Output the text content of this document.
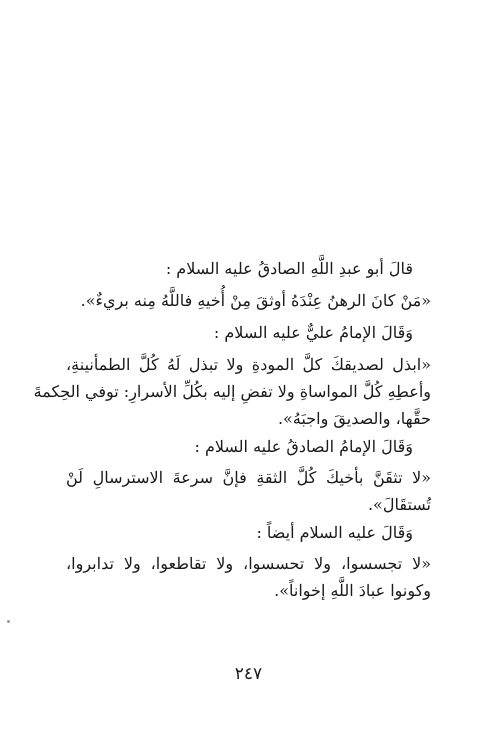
قالَ أبو عبدِ اللَّهِ الصادقُ عليه السلام :
«مَنْ كانَ الرهنُ عِنْدَهُ أوثقَ مِنْ أُخيهِ فاللَّهُ مِنه بريءٌ».
وَقَالَ الإمامُ عليٌّ عليه السلام :
«ابذل لصديقكَ كلَّ المودةِ ولا تبذل لَهُ كُلَّ الطمأنينةِ،
وأعطِهِ كُلَّ المواساةِ ولا تفضِ إليه بكُلِّ الأسرارِ: توفي الحِكمةَ
حقَّها، والصديقَ واجبَهُ».
وَقَالَ الإمامُ الصادقُ عليه السلام :
«لا تثقَنَّ بأخيكَ كُلَّ الثقةِ فإنَّ سرعةَ الاسترسالِ لَنْ
تُستقَالَ».
وَقَالَ عليه السلام أيضاً :
«لا تجسسوا، ولا تحسسوا، ولا تقاطعوا، ولا تدابروا،
وكونوا عبادَ اللَّهِ إخواناً».
٢٤٧
